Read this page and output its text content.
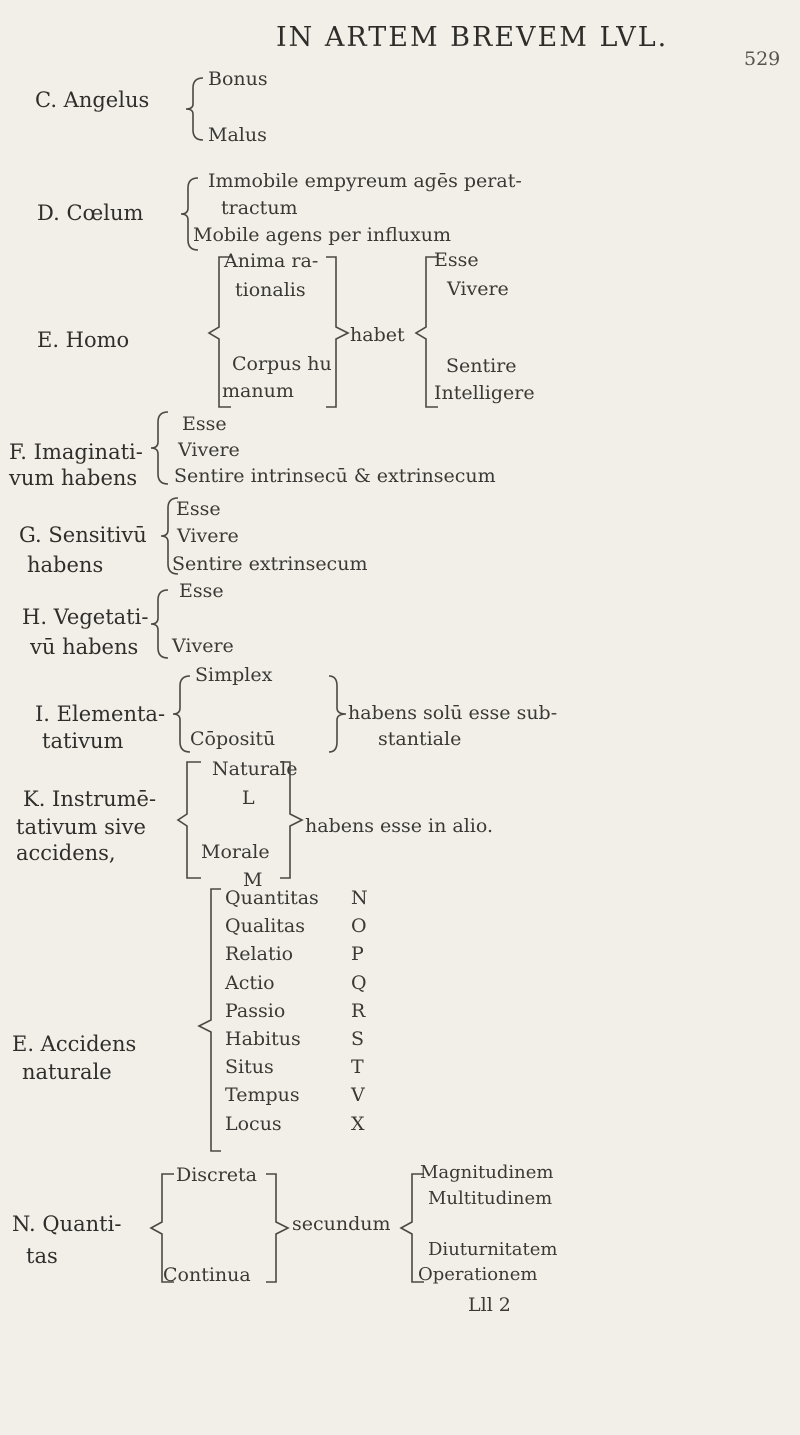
IN ARTEM BREVEM LVL.
529
C. Angelus
Bonus
Malus
D. Cœlum
Immobile empyreum agēs perat-
tractum
Mobile agens per influxum
E. Homo
Anima ra-
tionalis
Corpus hu
manum
habet
Esse
Vivere
Sentire
Intelligere
F. Imaginati-
vum habens
Esse
Vivere
Sentire intrinsecū & extrinsecum
G. Sensitivū
habens
Esse
Vivere
Sentire extrinsecum
H. Vegetati-
vū habens
Esse
Vivere
I. Elementa-
tativum
Simplex
Cōpositū
habens solū esse sub-
stantiale
K. Instrumē-
tativum sive
accidens,
Naturale
L
Morale
M
habens esse in alio.
E. Accidens
naturale
Quantitas N
Qualitas O
Relatio	P
Actio	Q
Passio	R
Habitus	S
Situs	T
Tempus	V
Locus	X
N. Quanti-
tas
Discreta
Continua
secundum
Magnitudinem
Multitudinem
Diuturnitatem
Operationem
Lll 2
